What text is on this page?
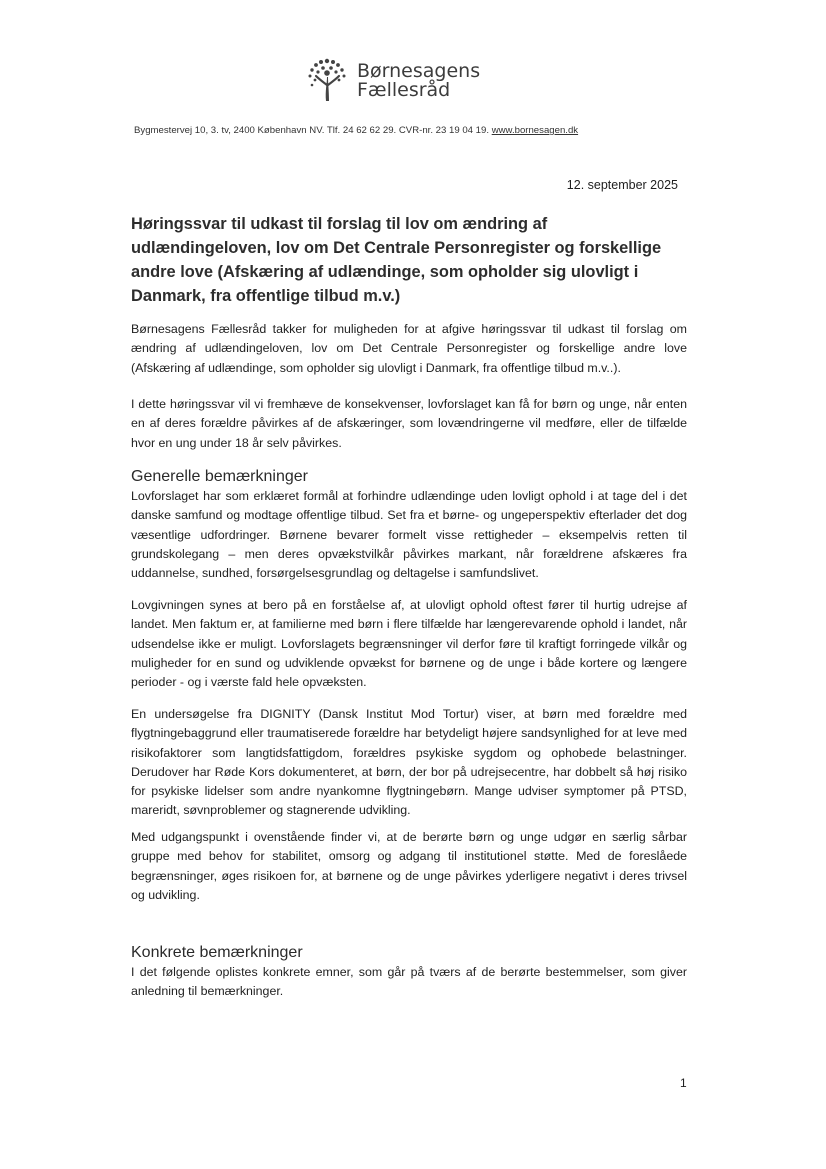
Børnesagens
Fællesråd
Bygmestervej 10, 3. tv, 2400 København NV. Tlf. 24 62 62 29. CVR-nr. 23 19 04 19. www.bornesagen.dk
12. september 2025
Høringssvar til udkast til forslag til lov om ændring af udlændingeloven, lov om Det Centrale Personregister og forskellige andre love (Afskæring af udlændinge, som opholder sig ulovligt i Danmark, fra offentlige tilbud m.v.)

Børnesagens Fællesråd takker for muligheden for at afgive høringssvar til udkast til forslag om ændring af udlændingeloven, lov om Det Centrale Personregister og forskellige andre love (Afskæring af udlændinge, som opholder sig ulovligt i Danmark, fra offentlige tilbud m.v..).

I dette høringssvar vil vi fremhæve de konsekvenser, lovforslaget kan få for børn og unge, når enten en af deres forældre påvirkes af de afskæringer, som lovændringerne vil medføre, eller de tilfælde hvor en ung under 18 år selv påvirkes.

Generelle bemærkninger

Lovforslaget har som erklæret formål at forhindre udlændinge uden lovligt ophold i at tage del i det danske samfund og modtage offentlige tilbud. Set fra et børne- og ungeperspektiv efterlader det dog væsentlige udfordringer. Børnene bevarer formelt visse rettigheder – eksempelvis retten til grundskolegang – men deres opvækstvilkår påvirkes markant, når forældrene afskæres fra uddannelse, sundhed, forsørgelsesgrundlag og deltagelse i samfundslivet.

Lovgivningen synes at bero på en forståelse af, at ulovligt ophold oftest fører til hurtig udrejse af landet. Men faktum er, at familierne med børn i flere tilfælde har længerevarende ophold i landet, når udsendelse ikke er muligt. Lovforslagets begrænsninger vil derfor føre til kraftigt forringede vilkår og muligheder for en sund og udviklende opvækst for børnene og de unge i både kortere og længere perioder - og i værste fald hele opvæksten.

En undersøgelse fra DIGNITY (Dansk Institut Mod Tortur) viser, at børn med forældre med flygtningebaggrund eller traumatiserede forældre har betydeligt højere sandsynlighed for at leve med risikofaktorer som langtidsfattigdom, forældres psykiske sygdom og ophobede belastninger. Derudover har Røde Kors dokumenteret, at børn, der bor på udrejsecentre, har dobbelt så høj risiko for psykiske lidelser som andre nyankomne flygtningebørn. Mange udviser symptomer på PTSD, mareridt, søvnproblemer og stagnerende udvikling.

Med udgangspunkt i ovenstående finder vi, at de berørte børn og unge udgør en særlig sårbar gruppe med behov for stabilitet, omsorg og adgang til institutionel støtte. Med de foreslåede begrænsninger, øges risikoen for, at børnene og de unge påvirkes yderligere negativt i deres trivsel og udvikling.

Konkrete bemærkninger

I det følgende oplistes konkrete emner, som går på tværs af de berørte bestemmelser, som giver anledning til bemærkninger.

1
